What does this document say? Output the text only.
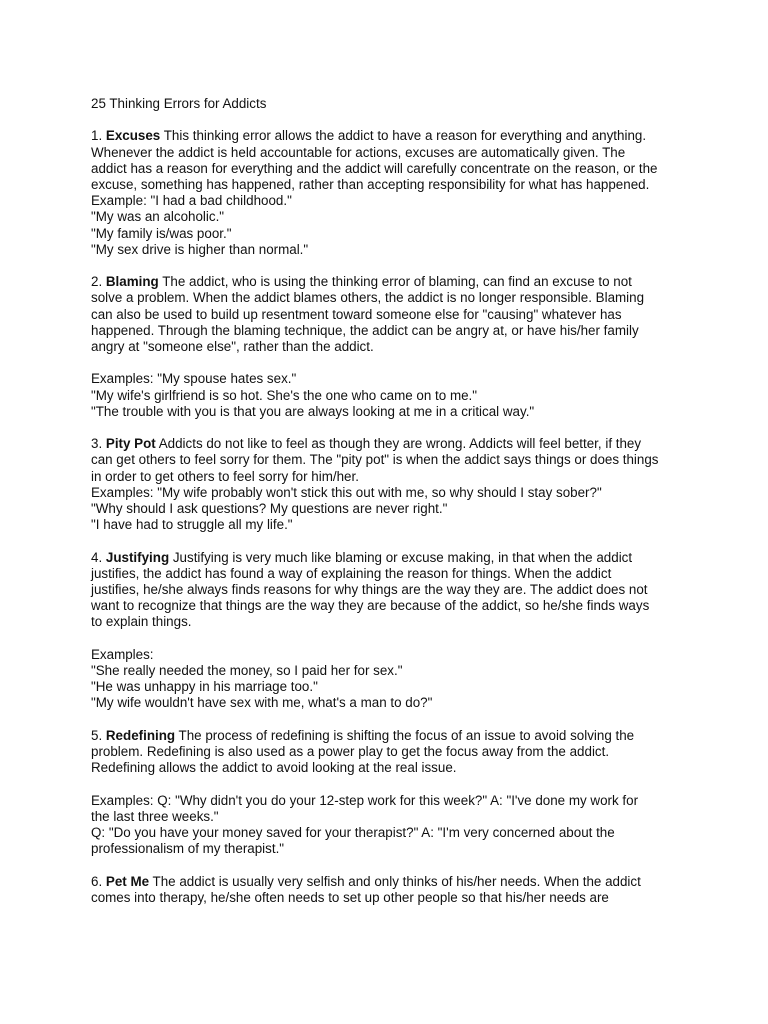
25 Thinking Errors for Addicts
1. Excuses This thinking error allows the addict to have a reason for everything and anything.
Whenever the addict is held accountable for actions, excuses are automatically given. The
addict has a reason for everything and the addict will carefully concentrate on the reason, or the
excuse, something has happened, rather than accepting responsibility for what has happened.
Example: "I had a bad childhood."
"My was an alcoholic."
"My family is/was poor."
"My sex drive is higher than normal."
2. Blaming The addict, who is using the thinking error of blaming, can find an excuse to not
solve a problem. When the addict blames others, the addict is no longer responsible. Blaming
can also be used to build up resentment toward someone else for "causing" whatever has
happened. Through the blaming technique, the addict can be angry at, or have his/her family
angry at "someone else", rather than the addict.
Examples: "My spouse hates sex."
"My wife's girlfriend is so hot. She's the one who came on to me."
"The trouble with you is that you are always looking at me in a critical way."
3. Pity Pot Addicts do not like to feel as though they are wrong. Addicts will feel better, if they
can get others to feel sorry for them. The "pity pot" is when the addict says things or does things
in order to get others to feel sorry for him/her.
Examples: "My wife probably won't stick this out with me, so why should I stay sober?"
"Why should I ask questions? My questions are never right."
"I have had to struggle all my life."
4. Justifying Justifying is very much like blaming or excuse making, in that when the addict
justifies, the addict has found a way of explaining the reason for things. When the addict
justifies, he/she always finds reasons for why things are the way they are. The addict does not
want to recognize that things are the way they are because of the addict, so he/she finds ways
to explain things.
Examples:
"She really needed the money, so I paid her for sex."
"He was unhappy in his marriage too."
"My wife wouldn't have sex with me, what's a man to do?"
5. Redefining The process of redefining is shifting the focus of an issue to avoid solving the
problem. Redefining is also used as a power play to get the focus away from the addict.
Redefining allows the addict to avoid looking at the real issue.
Examples: Q: "Why didn't you do your 12-step work for this week?" A: "I've done my work for
the last three weeks."
Q: "Do you have your money saved for your therapist?" A: "I'm very concerned about the
professionalism of my therapist."
6. Pet Me The addict is usually very selfish and only thinks of his/her needs. When the addict
comes into therapy, he/she often needs to set up other people so that his/her needs are
